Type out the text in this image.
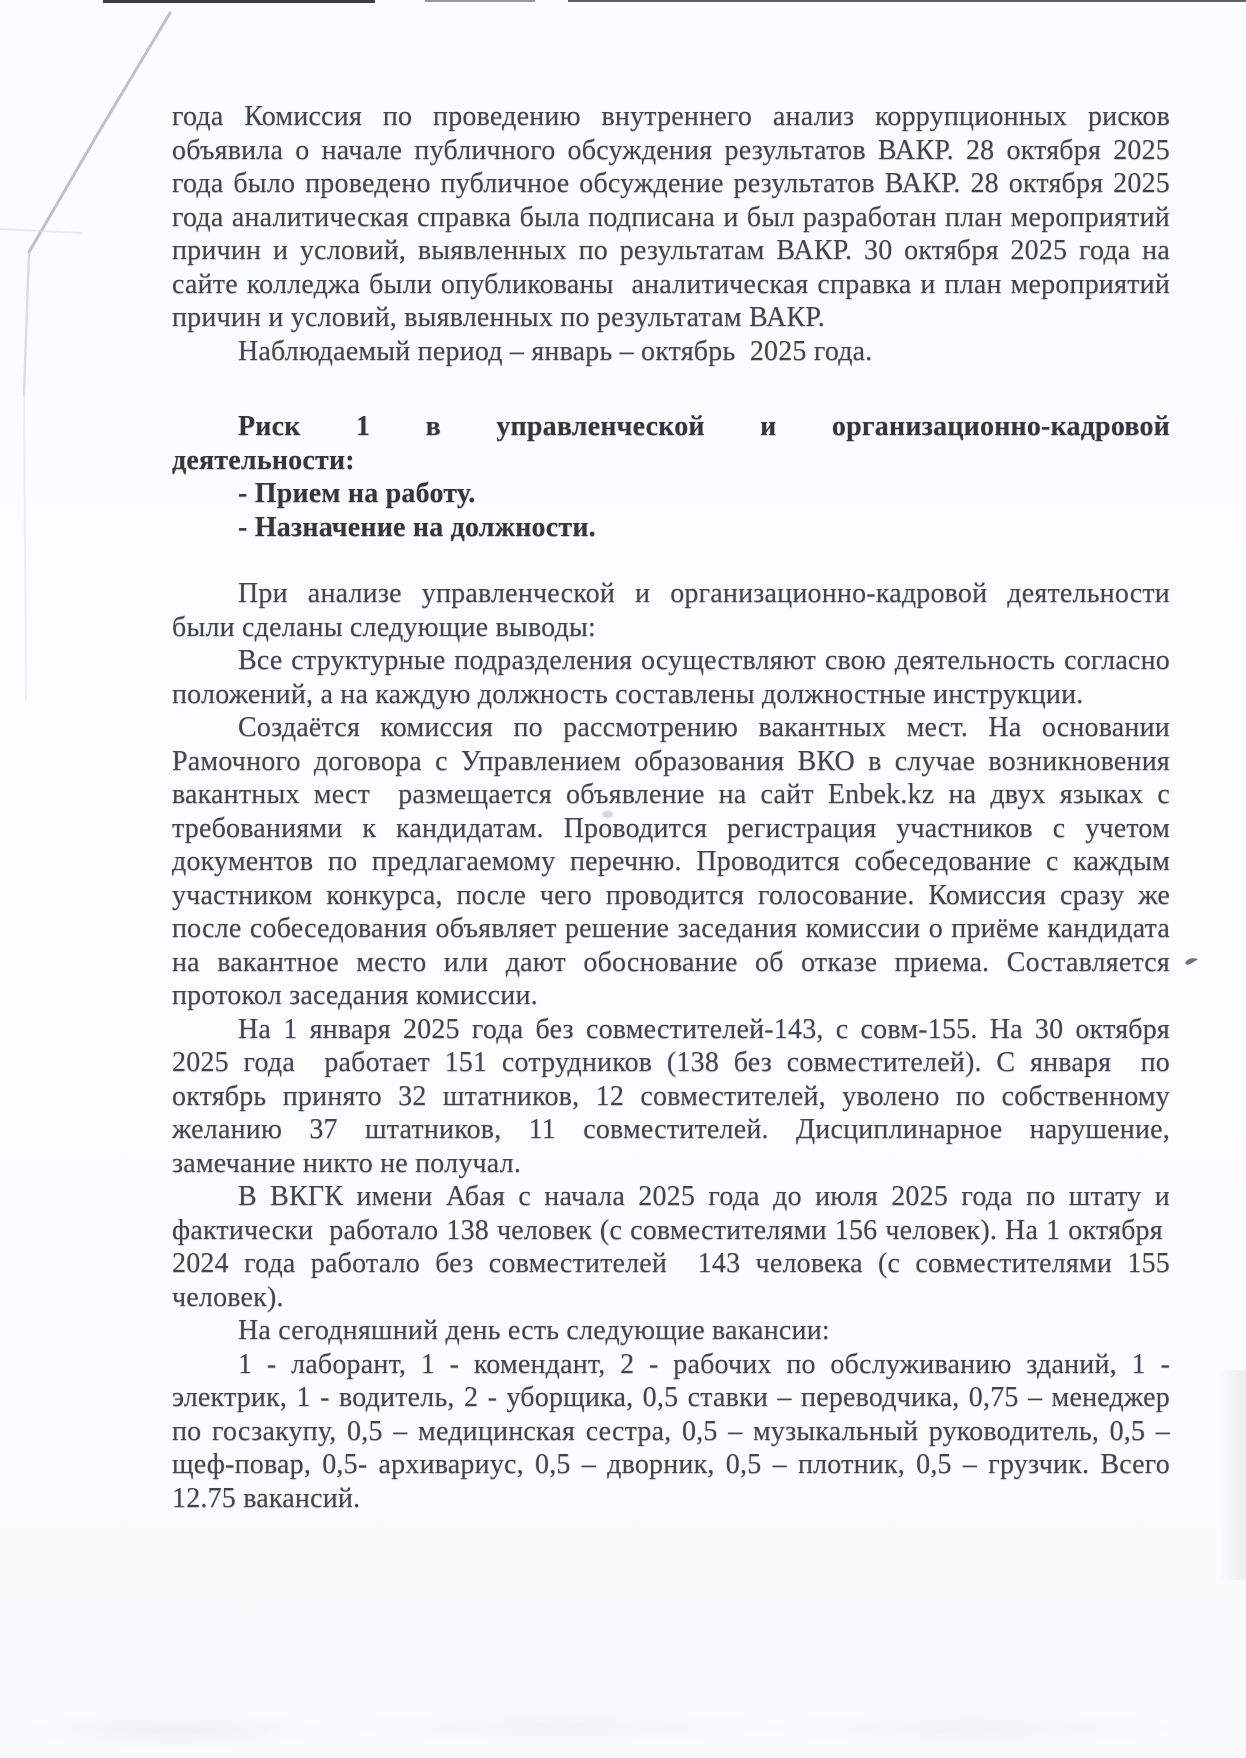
года Комиссия по проведению внутреннего анализ коррупционных рисков объявила о начале публичного обсуждения результатов ВАКР. 28 октября 2025 года было проведено публичное обсуждение результатов ВАКР. 28 октября 2025 года аналитическая справка была подписана и был разработан план мероприятий причин и условий, выявленных по результатам ВАКР. 30 октября 2025 года на сайте колледжа были опубликованы  аналитическая справка и план мероприятий причин и условий, выявленных по результатам ВАКР.

Наблюдаемый период – январь – октябрь  2025 года.

Риск 1 в управленческой и организационно-кадровой

деятельности:

- Прием на работу.

- Назначение на должности.

При анализе управленческой и организационно-кадровой деятельности были сделаны следующие выводы:

Все структурные подразделения осуществляют свою деятельность согласно положений, а на каждую должность составлены должностные инструкции.

Создаётся комиссия по рассмотрению вакантных мест. На основании Рамочного договора с Управлением образования ВКО в случае возникновения вакантных мест  размещается объявление на сайт Enbek.kz на двух языках с требованиями к кандидатам. Проводится регистрация участников с учетом документов по предлагаемому перечню. Проводится собеседование с каждым участником конкурса, после чего проводится голосование. Комиссия сразу же после собеседования объявляет решение заседания комиссии о приёме кандидата на вакантное место или дают обоснование об отказе приема. Составляется протокол заседания комиссии.

На 1 января 2025 года без совместителей-143, с совм-155. На 30 октября 2025 года  работает 151 сотрудников (138 без совместителей). С января  по октябрь принято 32 штатников, 12 совместителей, уволено по собственному желанию 37 штатников, 11 совместителей. Дисциплинарное нарушение, замечание никто не получал.

В ВКГК имени Абая с начала 2025 года до июля 2025 года по штату и фактически  работало 138 человек (с совместителями 156 человек). На 1 октября  2024 года работало без совместителей  143 человека (с совместителями 155 человек).

На сегодняшний день есть следующие вакансии:

1 - лаборант, 1 - комендант, 2 - рабочих по обслуживанию зданий, 1 - электрик, 1 - водитель, 2 - уборщика, 0,5 ставки – переводчика, 0,75 – менеджер по госзакупу, 0,5 – медицинская сестра, 0,5 – музыкальный руководитель, 0,5 – щеф-повар, 0,5- архивариус, 0,5 – дворник, 0,5 – плотник, 0,5 – грузчик. Всего 12.75 вакансий.
